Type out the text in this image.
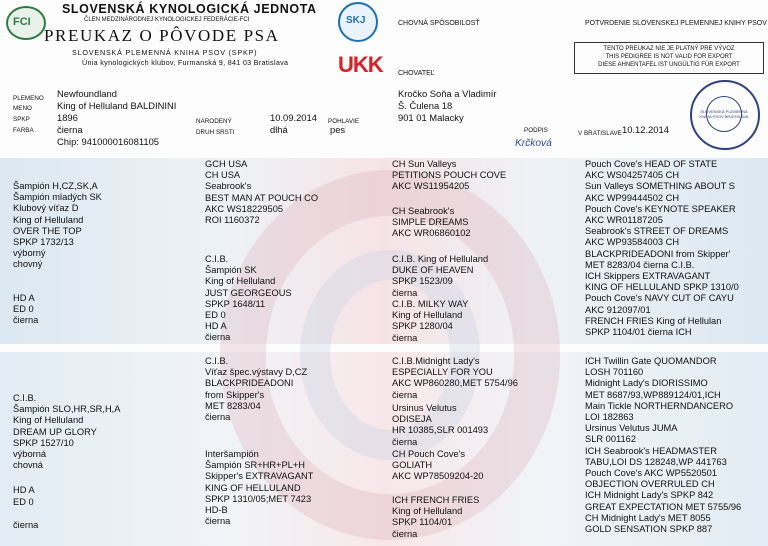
FCI
SLOVENSKÁ KYNOLOGICKÁ JEDNOTA
ČLEN MEDZINÁRODNEJ KYNOLOGICKEJ FEDERÁCIE-FCI
PREUKAZ O PÔVODE PSA
SLOVENSKÁ PLEMENNÁ KNIHA PSOV (SPKP)
Únia kynologických klubov, Furmanská 9, 841 03 Bratislava
SKJ
UKK
CHOVNÁ SPÔSOBILOSŤ
CHOVATEĽ
POTVRDENIE SLOVENSKEJ PLEMENNEJ KNIHY PSOV
TENTO PREUKAZ NIE JE PLATNÝ PRE VÝVOZ
THIS PEDIGREE IS NOT VALID FOR EXPORT
DIESE AHNENTAFEL IST UNGÜLTIG FÜR EXPORT
PLEMENO
MENO
SPKP
FARBA
Newfoundland
King of Helluland BALDININI
1896
čierna
Chip: 941000016081105
NARODENÝ
DRUH SRSTI
POHLAVIE
10.09.2014
dlhá	pes
Kročko Soňa a Vladimír
Š. Čulena 18
901 01 Malacky
PODPIS
Krčková
V BRATISLAVE 10.12.2014
SLOVENSKÁ PLEMENNÁ KNIHA PSOV BRATISLAVA
Šampión H,CZ,SK,A
Šampión mladých SK
Klubový víťaz D
King of Helluland
OVER THE TOP
SPKP 1732/13
výborný
chovný
HD A
ED 0
čierna
GCH USA
CH USA
Seabrook's
BEST MAN AT POUCH CO
AKC WS18229505
ROI 1160372
C.I.B.
Šampión SK
King of Helluland
JUST GEORGEOUS
SPKP 1648/11
ED 0
HD A
čierna
CH Sun Valleys
PETITIONS POUCH COVE
AKC WS11954205
CH Seabrook's
SIMPLE DREAMS
AKC WR06860102
C.I.B. King of Helluland
DUKE OF HEAVEN
SPKP 1523/09
čierna
C.I.B. MILKY WAY
King of Helluland
SPKP 1280/04
čierna
Pouch Cove's HEAD OF STATE
AKC WS04257405 CH
Sun Valleys SOMETHING ABOUT S
AKC WP99444502 CH
Pouch Cove's KEYNOTE SPEAKER
AKC WR01187205
Seabrook's STREET OF DREAMS
AKC WP93584003 CH
BLACKPRIDEADONI from Skipper'
MET 8283/04 čierna C.I.B.
ICH Skippers EXTRAVAGANT
KING OF HELLULAND SPKP 1310/0
Pouch Cove's NAVY CUT OF CAYU
AKC 912097/01
FRENCH FRIES King of Hellulan
SPKP 1104/01 čierna ICH
C.I.B.
Šampión SLO,HR,SR,H,A
King of Helluland
DREAM UP GLORY
SPKP 1527/10
výborná
chovná
HD A
ED 0
čierna
C.I.B.
Víťaz špec.výstavy D,CZ
BLACKPRIDEADONI
from Skipper's
MET 8283/04
čierna
Interšampión
Šampión SR+HR+PL+H
Skipper's EXTRAVAGANT
KING OF HELLULAND
SPKP 1310/05;MET 7423
HD-B
čierna
C.I.B.Midnight Lady's
ESPECIALLY FOR YOU
AKC WP860280,MET 5754/96
čierna
Ursinus Velutus
ODISEJA
HR 10385,SLR 001493
čierna
CH Pouch Cove's
GOLIATH
AKC WP78509204-20
ICH FRENCH FRIES
King of Helluland
SPKP 1104/01
čierna
ICH Twillin Gate QUOMANDOR
LOSH 701160
Midnight Lady's DIORISSIMO
MET 8687/93,WP889124/01,ICH
Main Tickle NORTHERNDANCERO
LOI 182863
Ursinus Velutus JUMA
SLR 001162
ICH Seabrook's HEADMASTER
TABU,LOI DS 128248,WP 441763
Pouch Cove's AKC WP5520501
OBJECTION OVERRULED CH
ICH Midnight Lady's SPKP 842
GREAT EXPECTATION MET 5755/96
CH Midnight Lady's MET 8055
GOLD SENSATION SPKP 887
